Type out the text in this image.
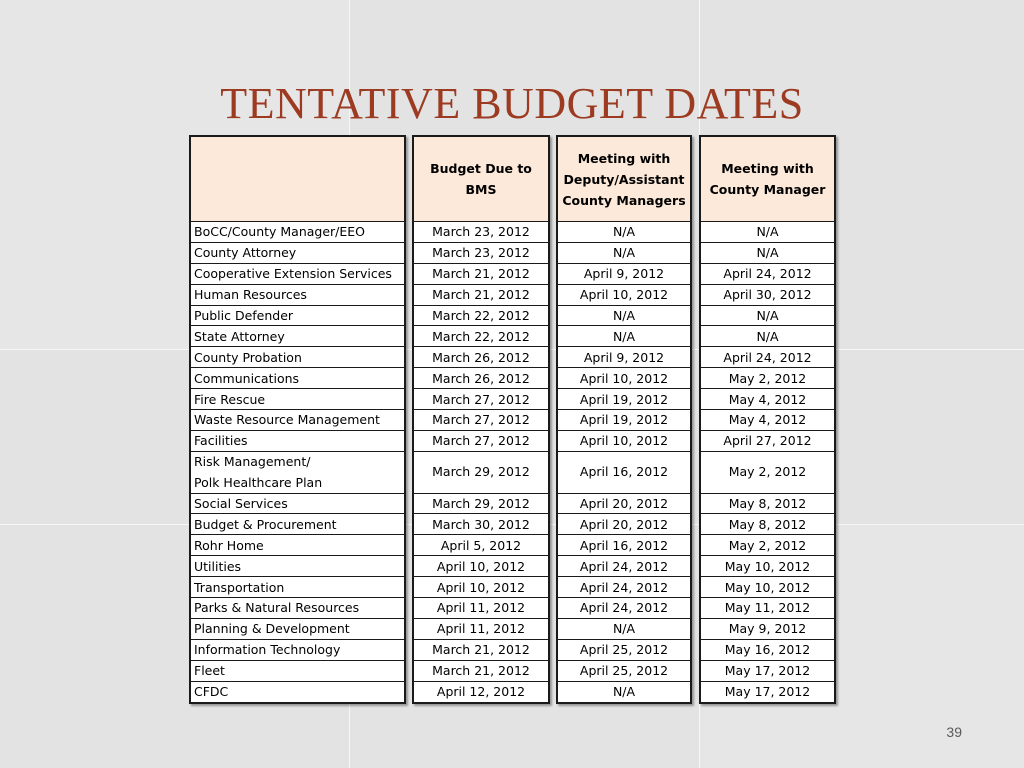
TENTATIVE BUDGET DATES
BoCC/County Manager/EEO
County Attorney
Cooperative Extension Services
Human Resources
Public Defender
State Attorney
County Probation
Communications
Fire Rescue
Waste Resource Management
Facilities
Risk Management/
Polk Healthcare Plan
Social Services
Budget & Procurement
Rohr Home
Utilities
Transportation
Parks & Natural Resources
Planning & Development
Information Technology
Fleet
CFDC
Budget Due to BMS
March 23, 2012
March 23, 2012
March 21, 2012
March 21, 2012
March 22, 2012
March 22, 2012
March 26, 2012
March 26, 2012
March 27, 2012
March 27, 2012
March 27, 2012
March 29, 2012
March 29, 2012
March 30, 2012
April 5, 2012
April 10, 2012
April 10, 2012
April 11, 2012
April 11, 2012
March 21, 2012
March 21, 2012
April 12, 2012
Meeting with Deputy/Assistant County Managers
N/A
N/A
April 9, 2012
April 10, 2012
N/A
N/A
April 9, 2012
April 10, 2012
April 19, 2012
April 19, 2012
April 10, 2012
April 16, 2012
April 20, 2012
April 20, 2012
April 16, 2012
April 24, 2012
April 24, 2012
April 24, 2012
N/A
April 25, 2012
April 25, 2012
N/A
Meeting with County Manager
N/A
N/A
April 24, 2012
April 30, 2012
N/A
N/A
April 24, 2012
May 2, 2012
May 4, 2012
May 4, 2012
April 27, 2012
May 2, 2012
May 8, 2012
May 8, 2012
May 2, 2012
May 10, 2012
May 10, 2012
May 11, 2012
May 9, 2012
May 16, 2012
May 17, 2012
May 17, 2012
39
